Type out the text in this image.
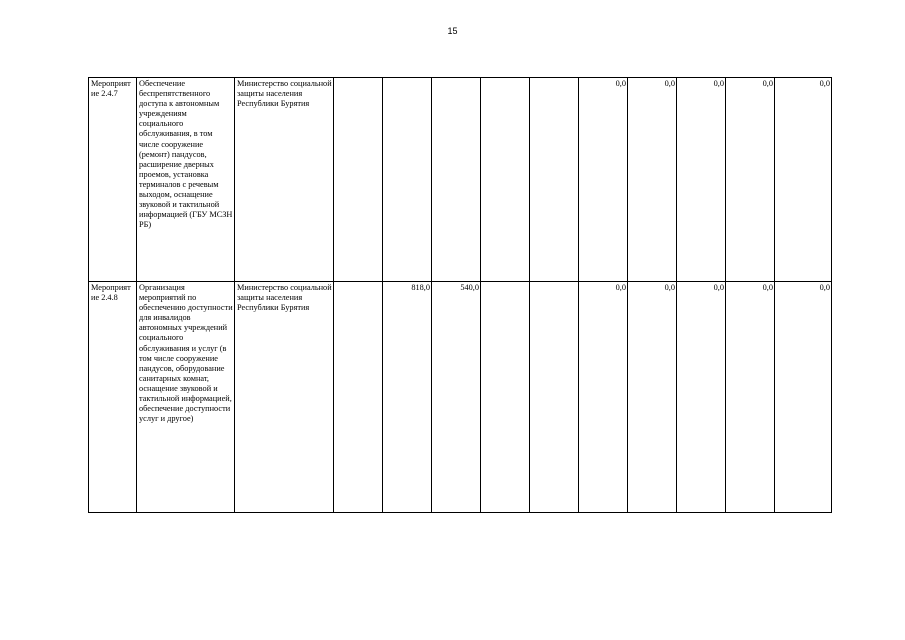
15
Мероприят ие 2.4.7	Обеспечение беспрепятственного доступа к автономным учреждениям социального обслуживания, в том числе сооружение (ремонт) пандусов, расширение дверных проемов, установка терминалов с речевым выходом, оснащение звуковой и тактильной информацией (ГБУ МСЗН РБ)	Министерство социальной защиты населения Республики Бурятия						0,0	0,0	0,0	0,0	0,0
Мероприят ие 2.4.8	Организация мероприятий по обеспечению доступности для инвалидов автономных учреждений социального обслуживания и услуг (в том числе сооружение пандусов, оборудование санитарных комнат, оснащение звуковой и тактильной информацией, обеспечение доступности услуг и другое)	Министерство социальной защиты населения Республики Бурятия		818,0	540,0			0,0	0,0	0,0	0,0	0,0
